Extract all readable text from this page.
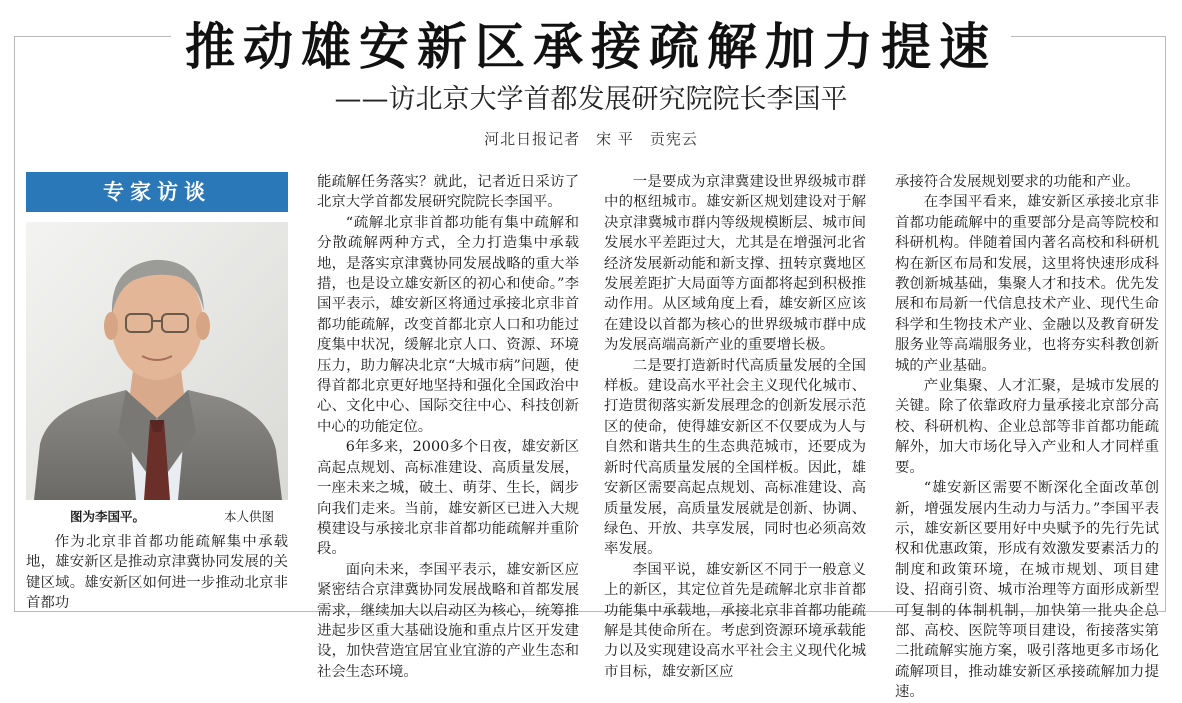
推动雄安新区承接疏解加力提速
——访北京大学首都发展研究院院长李国平
河北日报记者　宋 平　贡宪云
专家访谈
图为李国平。	本人供图

作为北京非首都功能疏解集中承载地，雄安新区是推动京津冀协同发展的关键区域。雄安新区如何进一步推动北京非首都功

能疏解任务落实？就此，记者近日采访了北京大学首都发展研究院院长李国平。

“疏解北京非首都功能有集中疏解和分散疏解两种方式，全力打造集中承载地，是落实京津冀协同发展战略的重大举措，也是设立雄安新区的初心和使命。”李国平表示，雄安新区将通过承接北京非首都功能疏解，改变首都北京人口和功能过度集中状况，缓解北京人口、资源、环境压力，助力解决北京“大城市病”问题，使得首都北京更好地坚持和强化全国政治中心、文化中心、国际交往中心、科技创新中心的功能定位。

6年多来，2000多个日夜，雄安新区高起点规划、高标准建设、高质量发展，一座未来之城，破土、萌芽、生长，阔步向我们走来。当前，雄安新区已进入大规模建设与承接北京非首都功能疏解并重阶段。

面向未来，李国平表示，雄安新区应紧密结合京津冀协同发展战略和首都发展需求，继续加大以启动区为核心，统筹推进起步区重大基础设施和重点片区开发建设，加快营造宜居宜业宜游的产业生态和社会生态环境。

一是要成为京津冀建设世界级城市群中的枢纽城市。雄安新区规划建设对于解决京津冀城市群内等级规模断层、城市间发展水平差距过大，尤其是在增强河北省经济发展新动能和新支撑、扭转京冀地区发展差距扩大局面等方面都将起到积极推动作用。从区域角度上看，雄安新区应该在建设以首都为核心的世界级城市群中成为发展高端高新产业的重要增长极。

二是要打造新时代高质量发展的全国样板。建设高水平社会主义现代化城市、打造贯彻落实新发展理念的创新发展示范区的使命，使得雄安新区不仅要成为人与自然和谐共生的生态典范城市，还要成为新时代高质量发展的全国样板。因此，雄安新区需要高起点规划、高标准建设、高质量发展，高质量发展就是创新、协调、绿色、开放、共享发展，同时也必须高效率发展。

李国平说，雄安新区不同于一般意义上的新区，其定位首先是疏解北京非首都功能集中承载地，承接北京非首都功能疏解是其使命所在。考虑到资源环境承载能力以及实现建设高水平社会主义现代化城市目标，雄安新区应

承接符合发展规划要求的功能和产业。

在李国平看来，雄安新区承接北京非首都功能疏解中的重要部分是高等院校和科研机构。伴随着国内著名高校和科研机构在新区布局和发展，这里将快速形成科教创新城基础，集聚人才和技术。优先发展和布局新一代信息技术产业、现代生命科学和生物技术产业、金融以及教育研发服务业等高端服务业，也将夯实科教创新城的产业基础。

产业集聚、人才汇聚，是城市发展的关键。除了依靠政府力量承接北京部分高校、科研机构、企业总部等非首都功能疏解外，加大市场化导入产业和人才同样重要。

“雄安新区需要不断深化全面改革创新，增强发展内生动力与活力。”李国平表示，雄安新区要用好中央赋予的先行先试权和优惠政策，形成有效激发要素活力的制度和政策环境，在城市规划、项目建设、招商引资、城市治理等方面形成新型可复制的体制机制，加快第一批央企总部、高校、医院等项目建设，衔接落实第二批疏解实施方案，吸引落地更多市场化疏解项目，推动雄安新区承接疏解加力提速。
